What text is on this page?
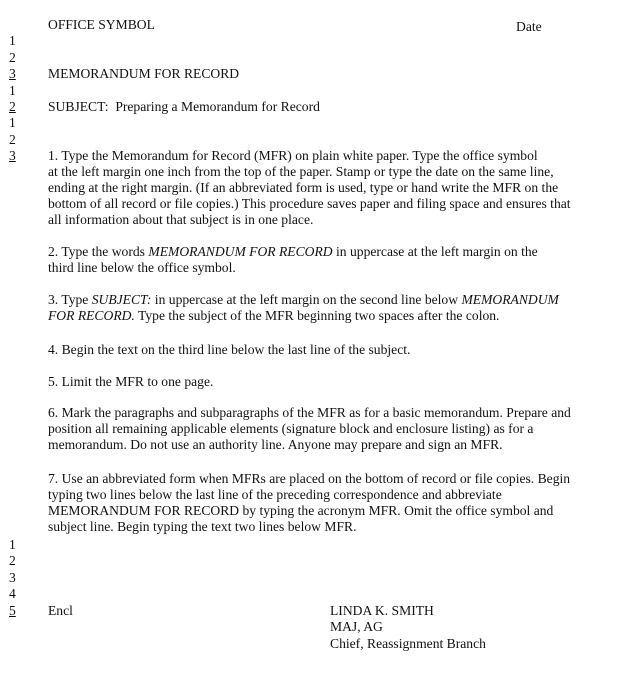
OFFICE SYMBOL	Date
1
2
3	MEMORANDUM FOR RECORD
1
2	SUBJECT: Preparing a Memorandum for Record
1
2
3	1. Type the Memorandum for Record (MFR) on plain white paper. Type the office symbol

at the left margin one inch from the top of the paper. Stamp or type the date on the same line,

ending at the right margin. (If an abbreviated form is used, type or hand write the MFR on the

bottom of all record or file copies.) This procedure saves paper and filing space and ensures that

all information about that subject is in one place.

2. Type the words MEMORANDUM FOR RECORD in uppercase at the left margin on the

third line below the office symbol.

3. Type SUBJECT: in uppercase at the left margin on the second line below MEMORANDUM

FOR RECORD. Type the subject of the MFR beginning two spaces after the colon.

4. Begin the text on the third line below the last line of the subject.

5. Limit the MFR to one page.

6. Mark the paragraphs and subparagraphs of the MFR as for a basic memorandum. Prepare and

position all remaining applicable elements (signature block and enclosure listing) as for a

memorandum. Do not use an authority line. Anyone may prepare and sign an MFR.

7. Use an abbreviated form when MFRs are placed on the bottom of record or file copies. Begin

typing two lines below the last line of the preceding correspondence and abbreviate

MEMORANDUM FOR RECORD by typing the acronym MFR. Omit the office symbol and

subject line. Begin typing the text two lines below MFR.

1
2
3
4
5	Encl	LINDA K. SMITH
MAJ, AG
Chief, Reassignment Branch
